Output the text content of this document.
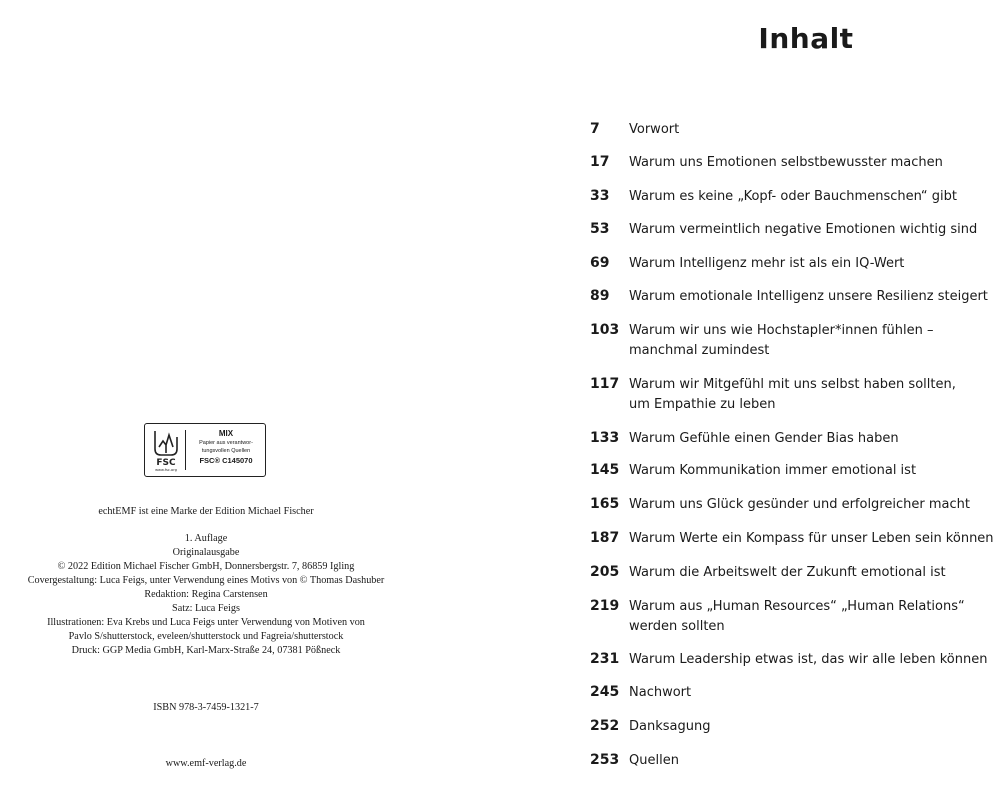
FSC
www.fsc.org
MIX
Papier aus verantwor-
tungsvollen Quellen
FSC® C145070
echtEMF ist eine Marke der Edition Michael Fischer
1. Auflage
Originalausgabe
© 2022 Edition Michael Fischer GmbH, Donnersbergstr. 7, 86859 Igling
Covergestaltung: Luca Feigs, unter Verwendung eines Motivs von © Thomas Dashuber
Redaktion: Regina Carstensen
Satz: Luca Feigs
Illustrationen: Eva Krebs und Luca Feigs unter Verwendung von Motiven von
Pavlo S/shutterstock, eveleen/shutterstock und Fagreia/shutterstock
Druck: GGP Media GmbH, Karl-Marx-Straße 24, 07381 Pößneck
ISBN 978-3-7459-1321-7
www.emf-verlag.de
Inhalt
7 Vorwort
17 Warum uns Emotionen selbstbewusster machen
33 Warum es keine „Kopf- oder Bauchmenschen“ gibt
53 Warum vermeintlich negative Emotionen wichtig sind
69 Warum Intelligenz mehr ist als ein IQ-Wert
89 Warum emotionale Intelligenz unsere Resilienz steigert
103 Warum wir uns wie Hochstapler*innen fühlen – manchmal zumindest
117 Warum wir Mitgefühl mit uns selbst haben sollten, um Empathie zu leben
133 Warum Gefühle einen Gender Bias haben
145 Warum Kommunikation immer emotional ist
165 Warum uns Glück gesünder und erfolgreicher macht
187 Warum Werte ein Kompass für unser Leben sein können
205 Warum die Arbeitswelt der Zukunft emotional ist
219 Warum aus „Human Resources“ „Human Relations“ werden sollten
231 Warum Leadership etwas ist, das wir alle leben können
245 Nachwort
252 Danksagung
253 Quellen
